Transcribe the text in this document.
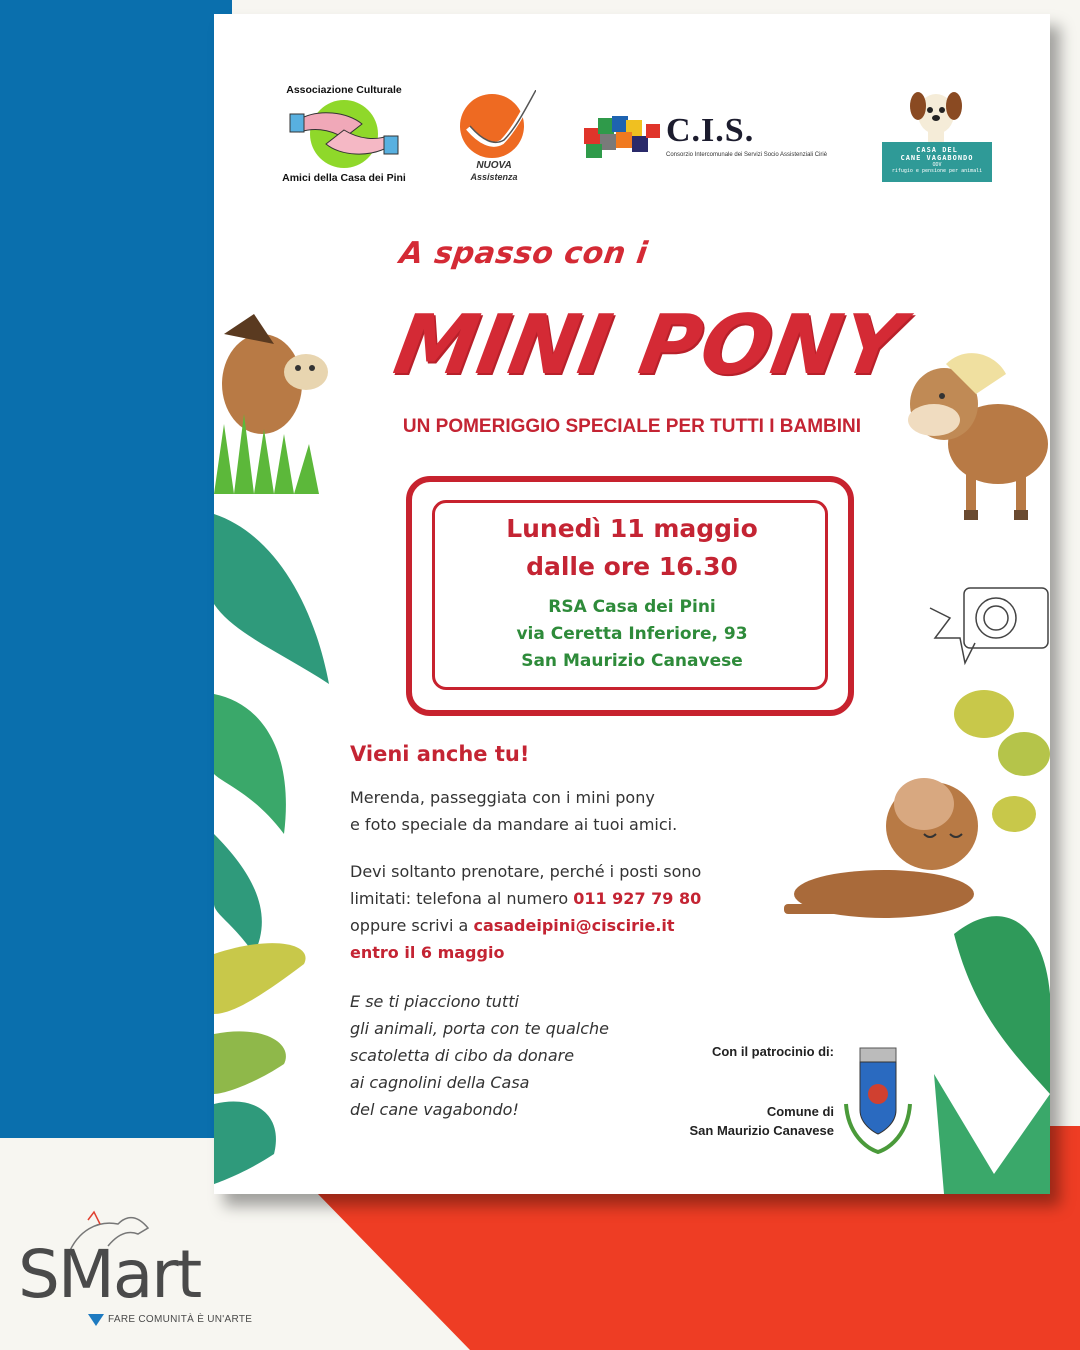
Associazione Culturale
Amici della Casa dei Pini
NUOVA
Assistenza
C.I.S.
Consorzio Intercomunale dei Servizi Socio Assistenziali Ciriè
CASA DEL
CANE VAGABONDO
ODV
rifugio e pensione per animali
A spasso con i
MINI PONY
UN POMERIGGIO SPECIALE PER TUTTI I BAMBINI
Lunedì 11 maggio
dalle ore 16.30
RSA Casa dei Pini
via Ceretta Inferiore, 93
San Maurizio Canavese
Vieni anche tu!
Merenda, passeggiata con i mini pony
e foto speciale da mandare ai tuoi amici.
Devi soltanto prenotare, perché i posti sono
limitati: telefona al numero 011 927 79 80
oppure scrivi a casadeipini@ciscirie.it
entro il 6 maggio
E se ti piacciono tutti
gli animali, porta con te qualche
scatoletta di cibo da donare
ai cagnolini della Casa
del cane vagabondo!
Con il patrocinio di:
Comune di
San Maurizio Canavese
SMart
FARE COMUNITÀ È UN'ARTE
